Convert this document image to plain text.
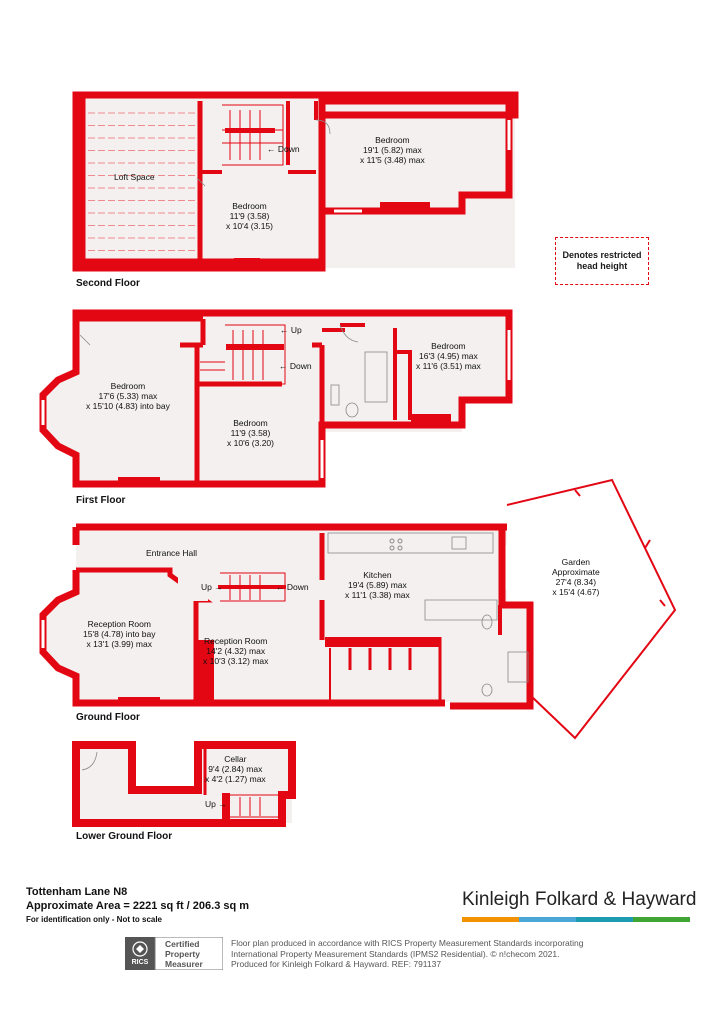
Loft Space
Bedroom
19'1 (5.82) max
x 11'5 (3.48) max
Bedroom
11'9 (3.58)
x 10'4 (3.15)
Bedroom
17'6 (5.33) max
x 15'10 (4.83) into bay
Bedroom
11'9 (3.58)
x 10'6 (3.20)
Bedroom
16'3 (4.95) max
x 11'6 (3.51) max
Entrance Hall
Kitchen
19'4 (5.89) max
x 11'1 (3.38) max
Garden
Approximate
27'4 (8.34)
x 15'4 (4.67)
Reception Room
15'8 (4.78) into bay
x 13'1 (3.99) max	Reception Room
14'2 (4.32) max
x 10'3 (3.12) max
Cellar
9'4 (2.84) max
x 4'2 (1.27) max
← Down
← Up
← Down
Up →	← Down
Up →
Second Floor
First Floor
Ground Floor
Lower Ground Floor
Denotes restricted
head height
Tottenham Lane N8
Approximate Area = 2221 sq ft / 206.3 sq m
For identification only - Not to scale
Kinleigh Folkard & Hayward
RICS
Certified
Property
Measurer
Floor plan produced in accordance with RICS Property Measurement Standards incorporating International Property Measurement Standards (IPMS2 Residential). © n!checom 2021. Produced for Kinleigh Folkard & Hayward. REF: 791137
